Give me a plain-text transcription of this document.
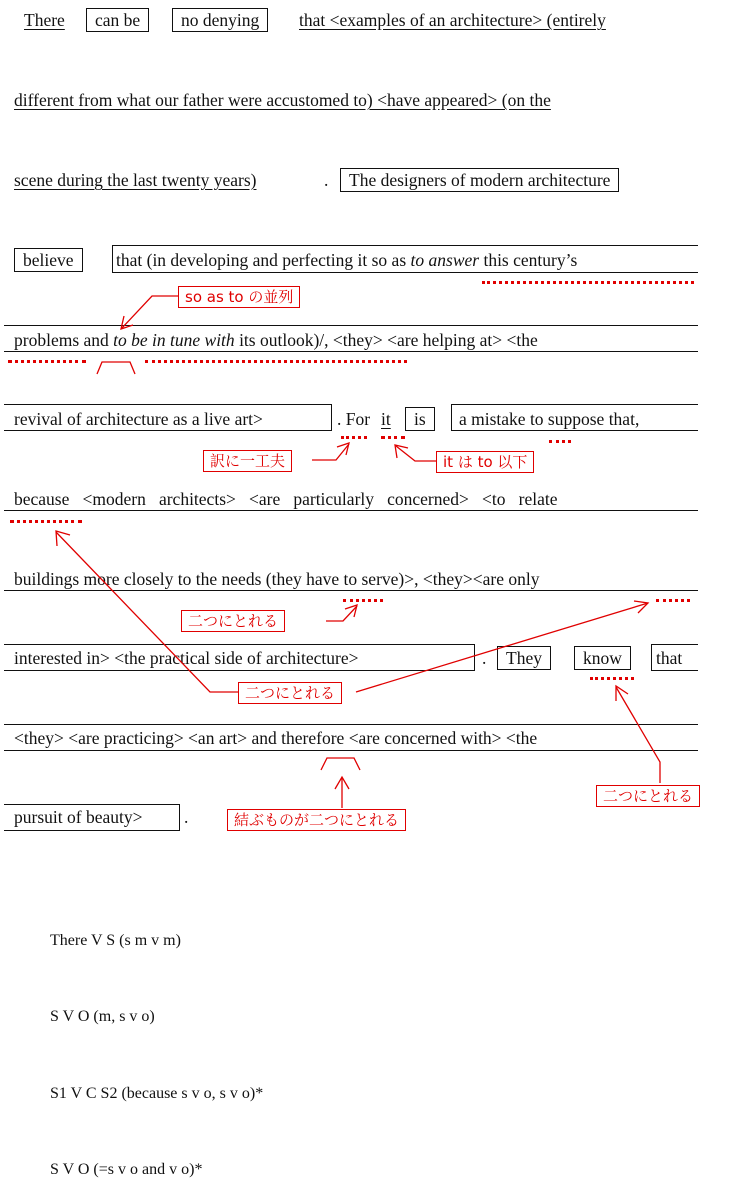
There	can be	no denying	that <examples of an architecture> (entirely
different from what our father were accustomed to) <have appeared> (on the
scene during the last twenty years)	.	The designers of modern architecture
believe	that (in developing and perfecting it so as to answer this century’s
problems and to be in tune with its outlook)/, <they> <are helping at> <the
revival of architecture as a live art>	. For it	is	a mistake to suppose that,
because   <modern   architects>   <are   particularly   concerned>   <to   relate
buildings more closely to the needs (they have to serve)>, <they><are only
interested in> <the practical side of architecture>	.	They	know	that
<they> <are practicing> <an art> and therefore <are concerned with> <the
pursuit of beauty> .
so as to の並列
訳に一工夫	it は to 以下
二つにとれる
二つにとれる
二つにとれる
結ぶものが二つにとれる
There V S (s m v m)
S V O (m, s v o)
S1 V C S2 (because s v o, s v o)*
S V O (=s v o and v o)*
